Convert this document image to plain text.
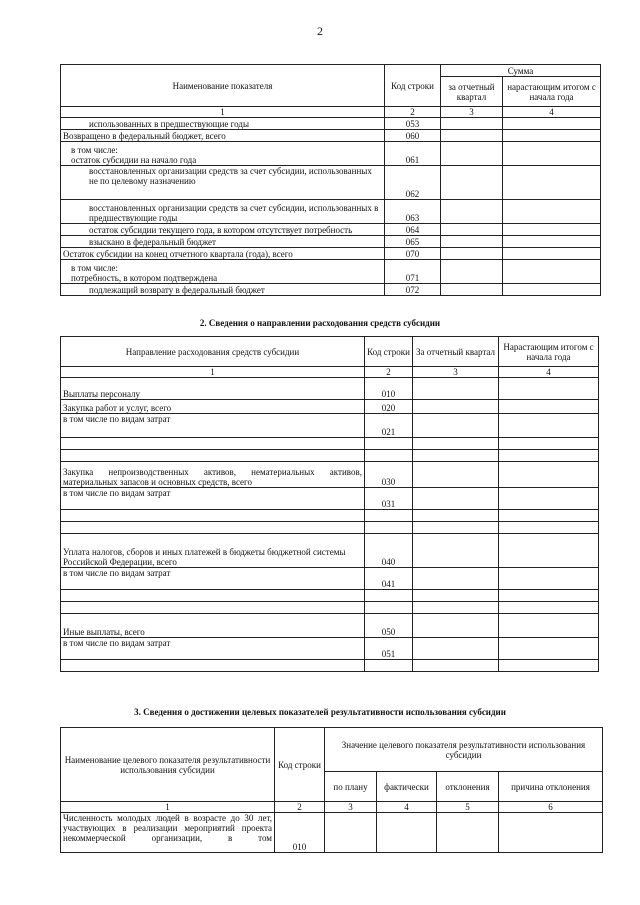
2
Наименование показателя	Код строки	Сумма	
		за отчетный квартал	нарастающим итогом с начала года
1	2	3	4
использованных в предшествующие годы	053		
Возвращено в федеральный бюджет, всего	060		

в том числе:
остаток субсидии на начало года	061		
восстановленных организации средств за счет субсидии, использованных не по целевому назначению	062		
восстановленных организации средств за счет субсидии, использованных в предшествующие годы	063		
остаток субсидии текущего года, в котором отсутствует потребность	064		
взыскано в федеральный бюджет	065		
Остаток субсидии на конец отчетного квартала (года), всего	070		

в том числе:
потребность, в котором подтверждена	071		
подлежащий возврату в федеральный бюджет	072		
2. Сведения о направлении расходования средств субсидии
Направление расходования средств субсидии	Код строки	За отчетный квартал	Нарастающим итогом с начала года
1	2	3	4
Выплаты персоналу	010		
Закупка работ и услуг, всего	020		
в том числе по видам затрат	021		

Закупка непроизводственных активов, нематериальных активов, материальных запасов и основных средств, всего	030		
в том числе по видам затрат	031		

Уплата налогов, сборов и иных платежей в бюджеты бюджетной системы Российской Федерации, всего	040		
в том числе по видам затрат	041		

Иные выплаты, всего	050		
в том числе по видам затрат	051		

3. Сведения о достижении целевых показателей результативности использования субсидии
Наименование целевого показателя результативности использования субсидии	Код строки	Значение целевого показателя результативности использования субсидии			
		по плану	фактически	отклонения	причина отклонения
1	2	3	4	5	6
Численность молодых людей в возрасте до 30 лет, участвующих в реализации мероприятий проекта некоммерческой организации, в том	010				
